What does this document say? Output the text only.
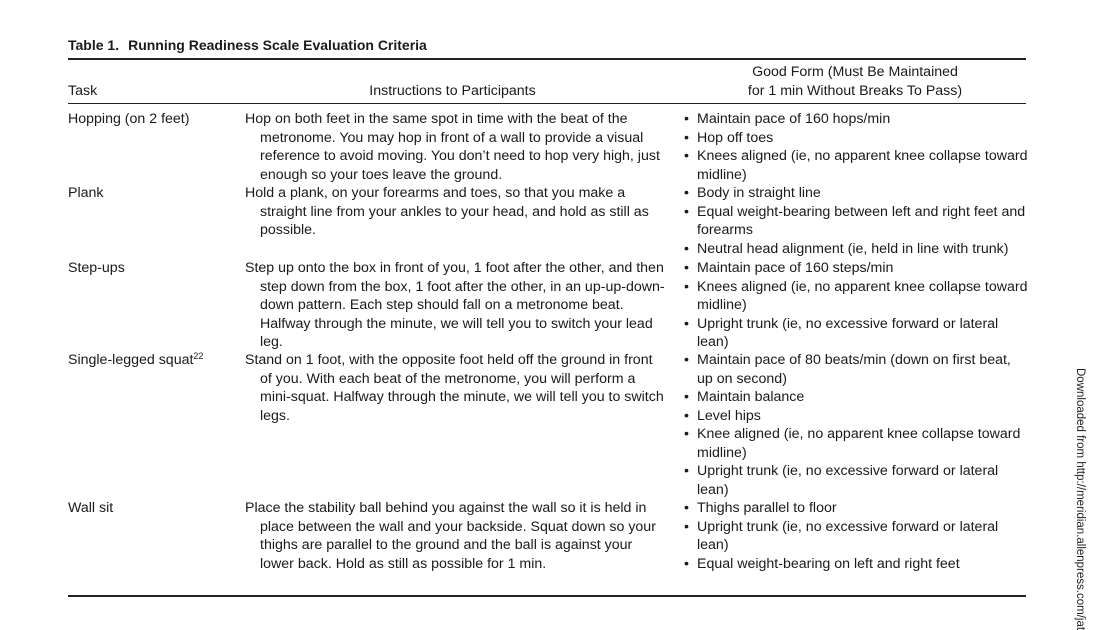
Table 1. Running Readiness Scale Evaluation Criteria
Task	Instructions to Participants
Good Form (Must Be Maintained
for 1 min Without Breaks To Pass)
Hopping (on 2 feet)	Hop on both feet in the same spot in time with the beat of the metronome. You may hop in front of a wall to provide a visual reference to avoid moving. You don’t need to hop very high, just enough so your toes leave the ground.
• Maintain pace of 160 hops/min
• Hop off toes
• Knees aligned (ie, no apparent knee collapse toward midline)
Plank	Hold a plank, on your forearms and toes, so that you make a straight line from your ankles to your head, and hold as still as possible.
• Body in straight line
• Equal weight-bearing between left and right feet and forearms
• Neutral head alignment (ie, held in line with trunk)
Step-ups	Step up onto the box in front of you, 1 foot after the other, and then step down from the box, 1 foot after the other, in an up-up-down-down pattern. Each step should fall on a metronome beat. Halfway through the minute, we will tell you to switch your lead leg.
• Maintain pace of 160 steps/min
• Knees aligned (ie, no apparent knee collapse toward midline)
• Upright trunk (ie, no excessive forward or lateral lean)
Single-legged squat$^{22}$	Stand on 1 foot, with the opposite foot held off the ground in front of you. With each beat of the metronome, you will perform a mini-squat. Halfway through the minute, we will tell you to switch legs.
• Maintain pace of 80 beats/min (down on first beat, up on second)
• Maintain balance
• Level hips
• Knee aligned (ie, no apparent knee collapse toward midline)
• Upright trunk (ie, no excessive forward or lateral lean)
Wall sit	Place the stability ball behind you against the wall so it is held in place between the wall and your backside. Squat down so your thighs are parallel to the ground and the ball is against your lower back. Hold as still as possible for 1 min.
• Thighs parallel to floor
• Upright trunk (ie, no excessive forward or lateral lean)
• Equal weight-bearing on left and right feet	Downloaded from http://meridian.allenpress.com/jat
